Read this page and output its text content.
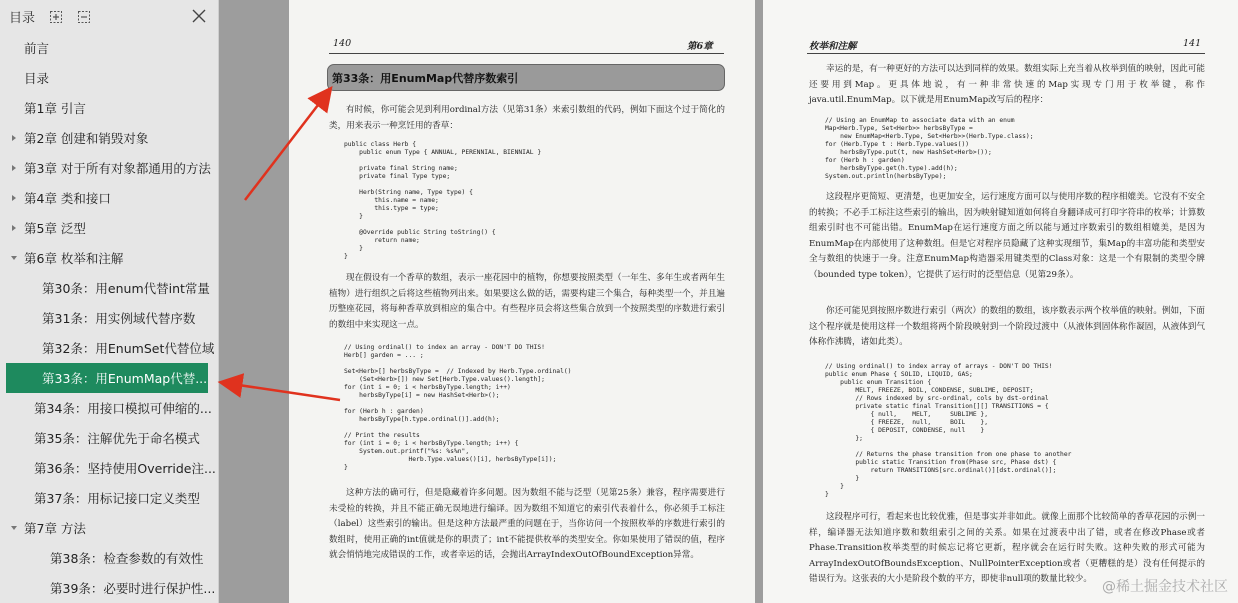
目录
前言
目录
第1章 引言
第2章 创建和销毁对象
第3章 对于所有对象都通用的方法
第4章 类和接口
第5章 泛型
第6章 枚举和注解
第30条：用enum代替int常量
第31条：用实例域代替序数
第32条：用EnumSet代替位域
第33条：用EnumMap代替...
第34条：用接口模拟可伸缩的...
第35条：注解优先于命名模式
第36条：坚持使用Override注...
第37条：用标记接口定义类型
第7章 方法
第38条：检查参数的有效性
第39条：必要时进行保护性...
140	第6章
第33条：用EnumMap代替序数索引
有时候，你可能会见到利用ordinal方法（见第31条）来索引数组的代码，例如下面这个过于简化的类，用来表示一种烹饪用的香草：
public class Herb {
public enum Type { ANNUAL, PERENNIAL, BIENNIAL }

private final String name;
private final Type type;

Herb(String name, Type type) {
this.name = name;
this.type = type;
}

@Override public String toString() {
return name;
}
}
现在假设有一个香草的数组，表示一座花园中的植物，你想要按照类型（一年生、多年生或者两年生植物）进行组织之后将这些植物列出来。如果要这么做的话，需要构建三个集合，每种类型一个，并且遍历整座花园，将每种香草放到相应的集合中。有些程序员会将这些集合放到一个按照类型的序数进行索引的数组中来实现这一点。
// Using ordinal() to index an array - DON'T DO THIS!
Herb[] garden = ... ;

Set<Herb>[] herbsByType =  // Indexed by Herb.Type.ordinal()
(Set<Herb>[]) new Set[Herb.Type.values().length];
for (int i = 0; i < herbsByType.length; i++)
herbsByType[i] = new HashSet<Herb>();

for (Herb h : garden)
herbsByType[h.type.ordinal()].add(h);

// Print the results
for (int i = 0; i < herbsByType.length; i++) {
System.out.printf("%s: %s%n",
Herb.Type.values()[i], herbsByType[i]);
}
这种方法的确可行，但是隐藏着许多问题。因为数组不能与泛型（见第25条）兼容，程序需要进行未受检的转换，并且不能正确无误地进行编译。因为数组不知道它的索引代表着什么，你必须手工标注（label）这些索引的输出。但是这种方法最严重的问题在于，当你访问一个按照枚举的序数进行索引的数组时，使用正确的int值就是你的职责了；int不能提供枚举的类型安全。你如果使用了错误的值，程序就会悄悄地完成错误的工作，或者幸运的话，会抛出ArrayIndexOutOfBoundException异常。
枚举和注解	141
幸运的是，有一种更好的方法可以达到同样的效果。数组实际上充当着从枚举到值的映射，因此可能还要用到Map。更具体地说，有一种非常快速的Map实现专门用于枚举键，称作java.util.EnumMap。以下就是用EnumMap改写后的程序：
// Using an EnumMap to associate data with an enum
Map<Herb.Type, Set<Herb>> herbsByType =
new EnumMap<Herb.Type, Set<Herb>>(Herb.Type.class);
for (Herb.Type t : Herb.Type.values())
herbsByType.put(t, new HashSet<Herb>());
for (Herb h : garden)
herbsByType.get(h.type).add(h);
System.out.println(herbsByType);
这段程序更简短、更清楚，也更加安全，运行速度方面可以与使用序数的程序相媲美。它没有不安全的转换；不必手工标注这些索引的输出，因为映射键知道如何将自身翻译成可打印字符串的枚举；计算数组索引时也不可能出错。EnumMap在运行速度方面之所以能与通过序数索引的数组相媲美，是因为EnumMap在内部使用了这种数组。但是它对程序员隐藏了这种实现细节，集Map的丰富功能和类型安全与数组的快速于一身。注意EnumMap构造器采用键类型的Class对象：这是一个有限制的类型令牌（bounded type token），它提供了运行时的泛型信息（见第29条）。
你还可能见到按照序数进行索引（两次）的数组的数组，该序数表示两个枚举值的映射。例如，下面这个程序就是使用这样一个数组将两个阶段映射到一个阶段过渡中（从液体到固体称作凝固，从液体到气体称作沸腾，诸如此类）。
// Using ordinal() to index array of arrays - DON'T DO THIS!
public enum Phase { SOLID, LIQUID, GAS;
public enum Transition {
MELT, FREEZE, BOIL, CONDENSE, SUBLIME, DEPOSIT;
// Rows indexed by src-ordinal, cols by dst-ordinal
private static final Transition[][] TRANSITIONS = {
{ null,    MELT,     SUBLIME },
{ FREEZE,  null,     BOIL    },
{ DEPOSIT, CONDENSE, null    }
};

// Returns the phase transition from one phase to another
public static Transition from(Phase src, Phase dst) {
return TRANSITIONS[src.ordinal()][dst.ordinal()];
}
}
}
这段程序可行，看起来也比较优雅，但是事实并非如此。就像上面那个比较简单的香草花园的示例一样，编译器无法知道序数和数组索引之间的关系。如果在过渡表中出了错，或者在修改Phase或者Phase.Transition枚举类型的时候忘记将它更新，程序就会在运行时失败。这种失败的形式可能为ArrayIndexOutOfBoundsException、NullPointerException或者（更糟糕的是）没有任何提示的错误行为。这张表的大小是阶段个数的平方，即使非null项的数量比较少。 @稀土掘金技术社区
